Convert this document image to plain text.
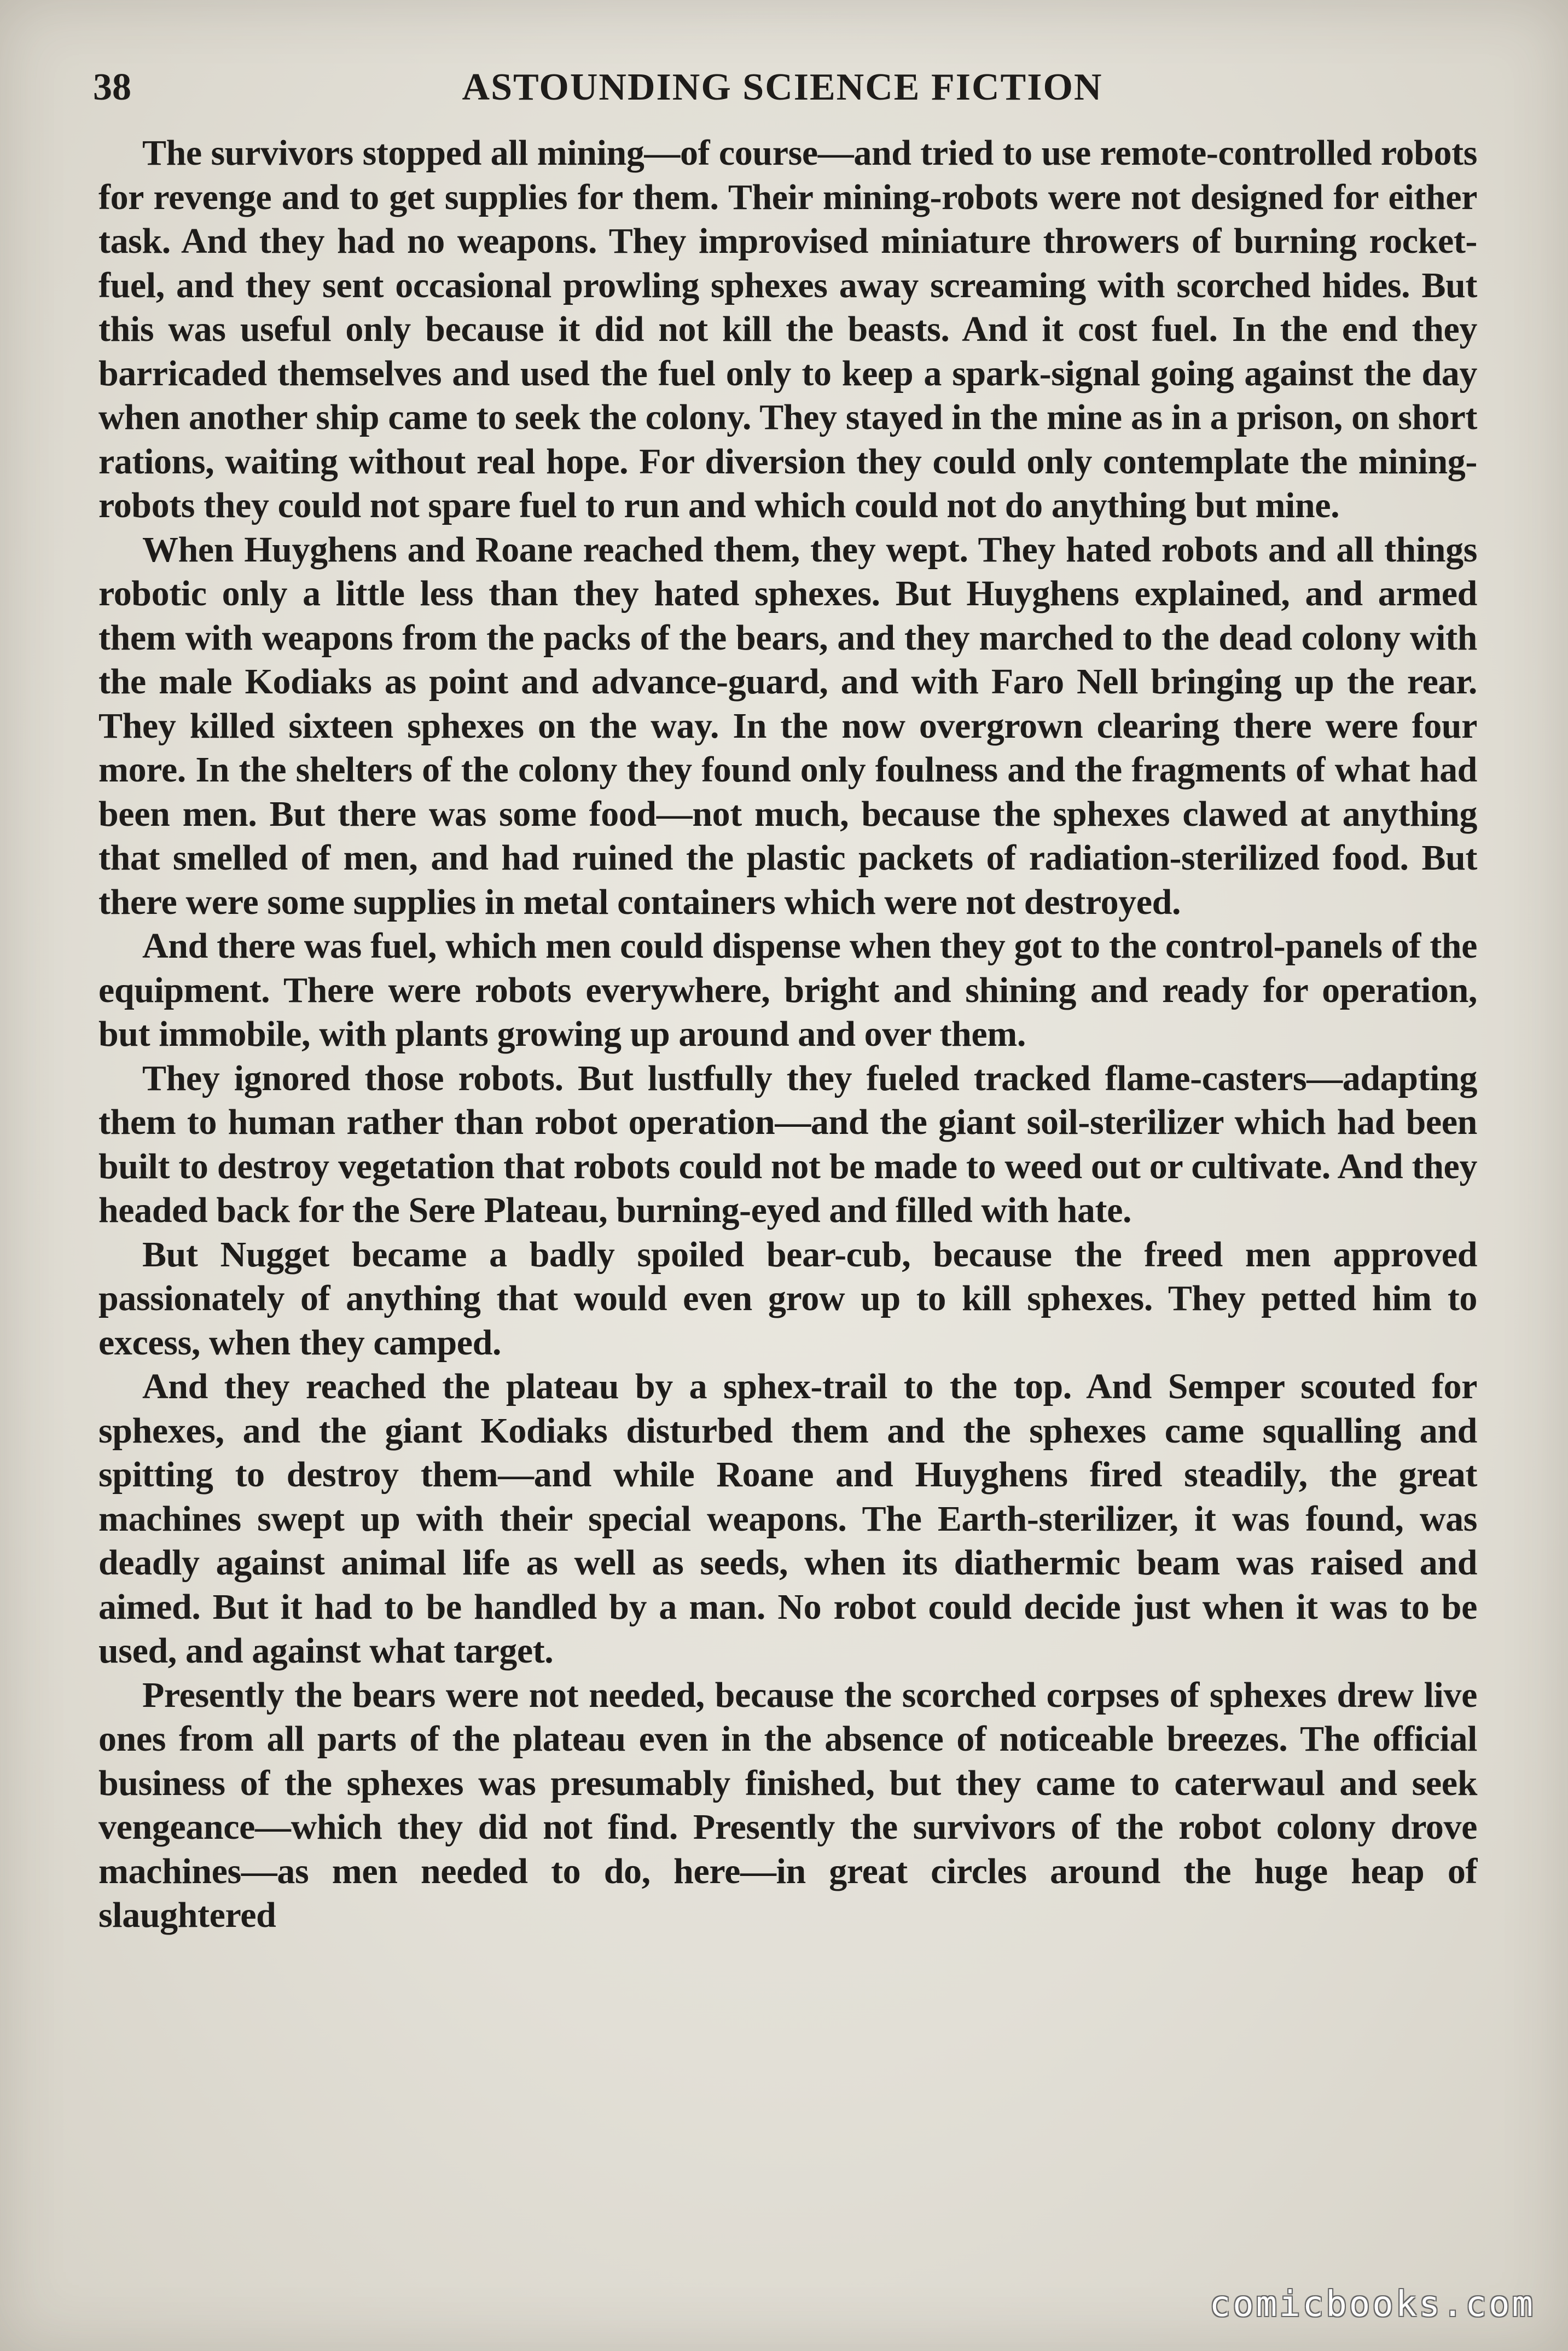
38	ASTOUNDING SCIENCE FICTION

The survivors stopped all mining—of course—and tried to use remote-controlled robots for revenge and to get supplies for them. Their mining-robots were not designed for either task. And they had no weapons. They improvised miniature throwers of burning rocket-fuel, and they sent occasional prowling sphexes away screaming with scorched hides. But this was useful only because it did not kill the beasts. And it cost fuel. In the end they barricaded themselves and used the fuel only to keep a spark-signal going against the day when another ship came to seek the colony. They stayed in the mine as in a prison, on short rations, waiting without real hope. For diversion they could only contemplate the mining-robots they could not spare fuel to run and which could not do anything but mine.

When Huyghens and Roane reached them, they wept. They hated robots and all things robotic only a little less than they hated sphexes. But Huyghens explained, and armed them with weapons from the packs of the bears, and they marched to the dead colony with the male Kodiaks as point and advance-guard, and with Faro Nell bringing up the rear. They killed sixteen sphexes on the way. In the now overgrown clearing there were four more. In the shelters of the colony they found only foulness and the fragments of what had been men. But there was some food—not much, because the sphexes clawed at anything that smelled of men, and had ruined the plastic packets of radiation-sterilized food. But there were some supplies in metal containers which were not destroyed.

And there was fuel, which men could dispense when they got to the control-panels of the equipment. There were robots everywhere, bright and shining and ready for operation, but immobile, with plants growing up around and over them.

They ignored those robots. But lustfully they fueled tracked flame-casters—adapting them to human rather than robot operation—and the giant soil-sterilizer which had been built to destroy vegetation that robots could not be made to weed out or cultivate. And they headed back for the Sere Plateau, burning-eyed and filled with hate.

But Nugget became a badly spoiled bear-cub, because the freed men approved passionately of anything that would even grow up to kill sphexes. They petted him to excess, when they camped.

And they reached the plateau by a sphex-trail to the top. And Semper scouted for sphexes, and the giant Kodiaks disturbed them and the sphexes came squalling and spitting to destroy them—and while Roane and Huyghens fired steadily, the great machines swept up with their special weapons. The Earth-sterilizer, it was found, was deadly against animal life as well as seeds, when its diathermic beam was raised and aimed. But it had to be handled by a man. No robot could decide just when it was to be used, and against what target.

Presently the bears were not needed, because the scorched corpses of sphexes drew live ones from all parts of the plateau even in the absence of noticeable breezes. The official business of the sphexes was presumably finished, but they came to caterwaul and seek vengeance—which they did not find. Presently the survivors of the robot colony drove machines—as men needed to do, here—in great circles around the huge heap of slaughtered

comicbooks.com
